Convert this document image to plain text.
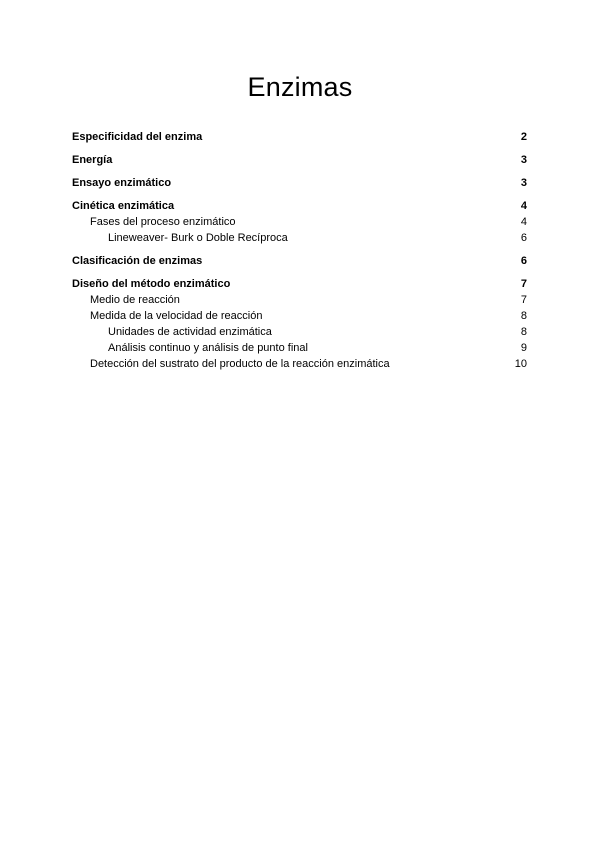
Enzimas
Especificidad del enzima	2
Energía	3
Ensayo enzimático	3
Cinética enzimática	4
Fases del proceso enzimático	4
Lineweaver- Burk o Doble Recíproca	6
Clasificación de enzimas	6
Diseño del método enzimático	7
Medio de reacción	7
Medida de la velocidad de reacción	8
Unidades de actividad enzimática	8
Análisis continuo y análisis de punto final	9
Detección del sustrato del producto de la reacción enzimática	10
